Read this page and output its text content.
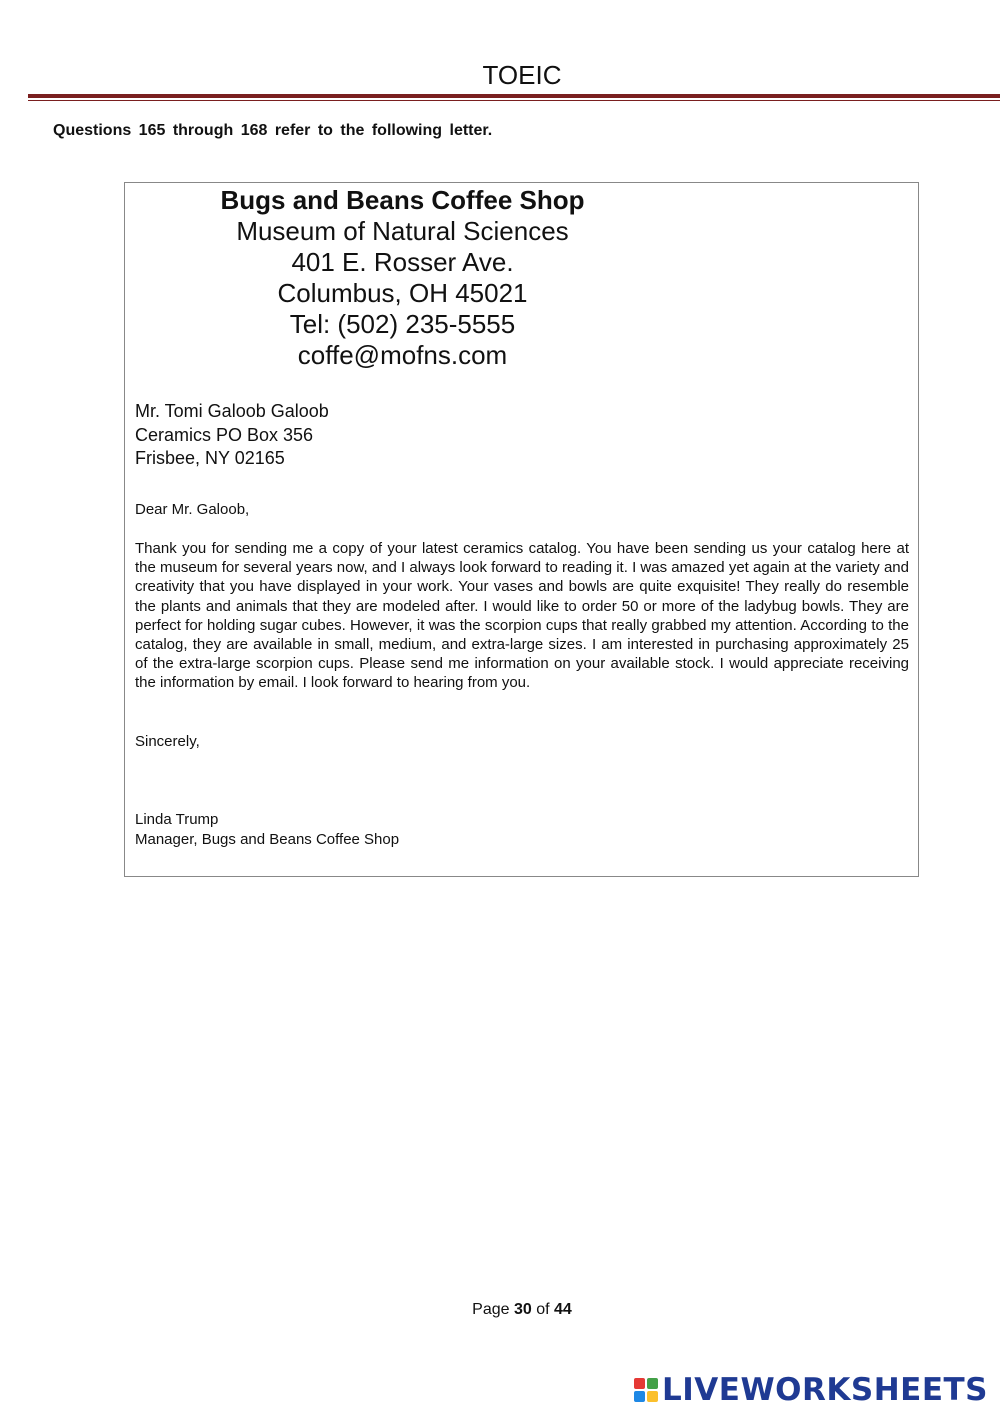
TOEIC
Questions 165 through 168 refer to the following letter.
Bugs and Beans Coffee Shop
Museum of Natural Sciences
401 E. Rosser Ave.
Columbus, OH 45021
Tel: (502) 235-5555
coffe@mofns.com
Mr. Tomi Galoob Galoob
Ceramics PO Box 356
Frisbee, NY 02165
Dear Mr. Galoob,
Thank you for sending me a copy of your latest ceramics catalog. You have been sending us your catalog here at the museum for several years now, and I always look forward to reading it. I was amazed yet again at the variety and creativity that you have displayed in your work. Your vases and bowls are quite exquisite! They really do resemble the plants and animals that they are modeled after. I would like to order 50 or more of the ladybug bowls. They are perfect for holding sugar cubes. However, it was the scorpion cups that really grabbed my attention. According to the catalog, they are available in small, medium, and extra-large sizes. I am interested in purchasing approximately 25 of the extra-large scorpion cups. Please send me information on your available stock. I would appreciate receiving the information by email. I look forward to hearing from you.
Sincerely,
Linda Trump
Manager, Bugs and Beans Coffee Shop
Page 30 of 44
LIVEWORKSHEETS
